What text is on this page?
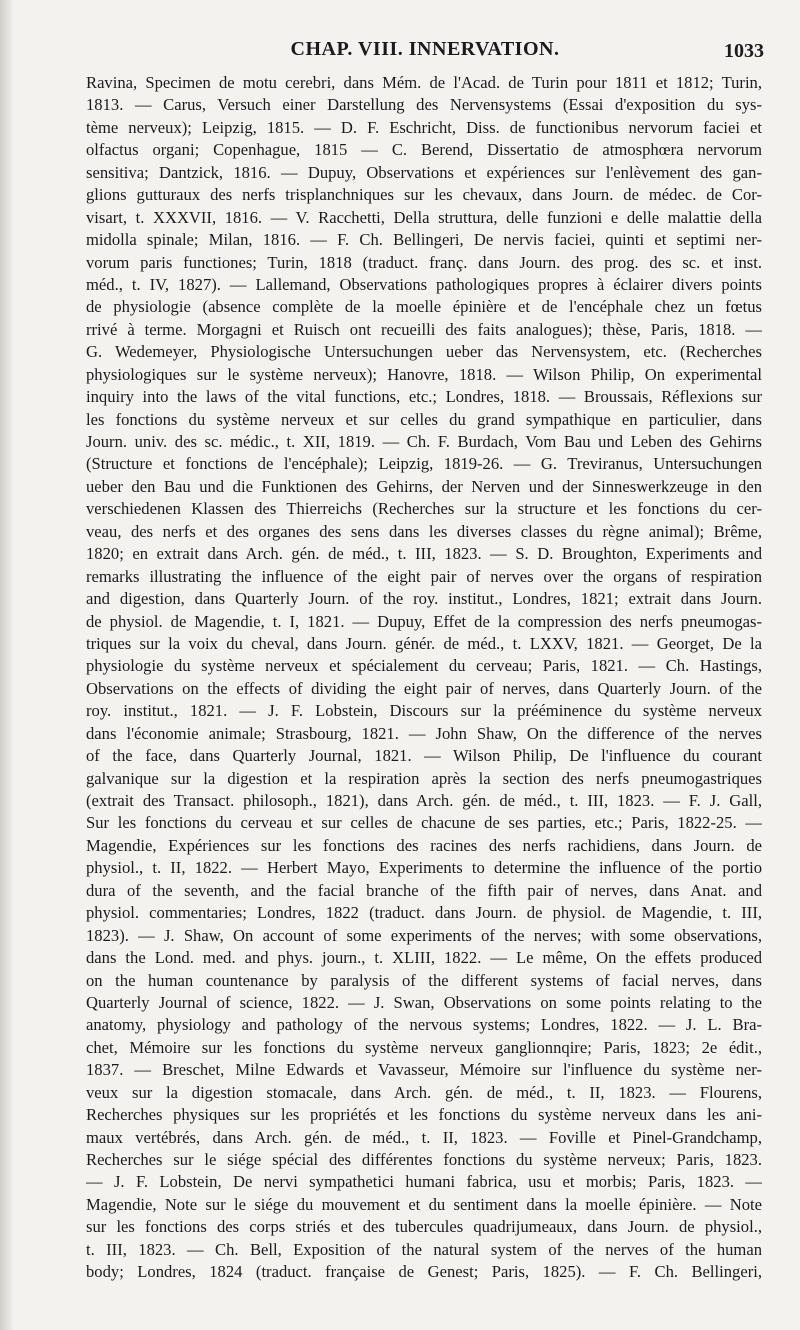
CHAP. VIII. INNERVATION.	1033
Ravina, Specimen de motu cerebri, dans Mém. de l'Acad. de Turin pour 1811 et 1812; Turin,
1813. — Carus, Versuch einer Darstellung des Nervensystems (Essai d'exposition du sys-
tème nerveux); Leipzig, 1815. — D. F. Eschricht, Diss. de functionibus nervorum faciei et
olfactus organi; Copenhague, 1815 — C. Berend, Dissertatio de atmosphœra nervorum
sensitiva; Dantzick, 1816. — Dupuy, Observations et expériences sur l'enlèvement des gan-
glions gutturaux des nerfs trisplanchniques sur les chevaux, dans Journ. de médec. de Cor-
visart, t. XXXVII, 1816. — V. Racchetti, Della struttura, delle funzioni e delle malattie della
midolla spinale; Milan, 1816. — F. Ch. Bellingeri, De nervis faciei, quinti et septimi ner-
vorum paris functiones; Turin, 1818 (traduct. franç. dans Journ. des prog. des sc. et inst.
méd., t. IV, 1827). — Lallemand, Observations pathologiques propres à éclairer divers points
de physiologie (absence complète de la moelle épinière et de l'encéphale chez un fœtus
rrivé à terme. Morgagni et Ruisch ont recueilli des faits analogues); thèse, Paris, 1818. —
G. Wedemeyer, Physiologische Untersuchungen ueber das Nervensystem, etc. (Recherches
physiologiques sur le système nerveux); Hanovre, 1818. — Wilson Philip, On experimental
inquiry into the laws of the vital functions, etc.; Londres, 1818. — Broussais, Réflexions sur
les fonctions du système nerveux et sur celles du grand sympathique en particulier, dans
Journ. univ. des sc. médic., t. XII, 1819. — Ch. F. Burdach, Vom Bau und Leben des Gehirns
(Structure et fonctions de l'encéphale); Leipzig, 1819-26. — G. Treviranus, Untersuchungen
ueber den Bau und die Funktionen des Gehirns, der Nerven und der Sinneswerkzeuge in den
verschiedenen Klassen des Thierreichs (Recherches sur la structure et les fonctions du cer-
veau, des nerfs et des organes des sens dans les diverses classes du règne animal); Brême,
1820; en extrait dans Arch. gén. de méd., t. III, 1823. — S. D. Broughton, Experiments and
remarks illustrating the influence of the eight pair of nerves over the organs of respiration
and digestion, dans Quarterly Journ. of the roy. institut., Londres, 1821; extrait dans Journ.
de physiol. de Magendie, t. I, 1821. — Dupuy, Effet de la compression des nerfs pneumogas-
triques sur la voix du cheval, dans Journ. génér. de méd., t. LXXV, 1821. — Georget, De la
physiologie du système nerveux et spécialement du cerveau; Paris, 1821. — Ch. Hastings,
Observations on the effects of dividing the eight pair of nerves, dans Quarterly Journ. of the
roy. institut., 1821. — J. F. Lobstein, Discours sur la prééminence du système nerveux
dans l'économie animale; Strasbourg, 1821. — John Shaw, On the difference of the nerves
of the face, dans Quarterly Journal, 1821. — Wilson Philip, De l'influence du courant
galvanique sur la digestion et la respiration après la section des nerfs pneumogastriques
(extrait des Transact. philosoph., 1821), dans Arch. gén. de méd., t. III, 1823. — F. J. Gall,
Sur les fonctions du cerveau et sur celles de chacune de ses parties, etc.; Paris, 1822-25. —
Magendie, Expériences sur les fonctions des racines des nerfs rachidiens, dans Journ. de
physiol., t. II, 1822. — Herbert Mayo, Experiments to determine the influence of the portio
dura of the seventh, and the facial branche of the fifth pair of nerves, dans Anat. and
physiol. commentaries; Londres, 1822 (traduct. dans Journ. de physiol. de Magendie, t. III,
1823). — J. Shaw, On account of some experiments of the nerves; with some observations,
dans the Lond. med. and phys. journ., t. XLIII, 1822. — Le même, On the effets produced
on the human countenance by paralysis of the different systems of facial nerves, dans
Quarterly Journal of science, 1822. — J. Swan, Observations on some points relating to the
anatomy, physiology and pathology of the nervous systems; Londres, 1822. — J. L. Bra-
chet, Mémoire sur les fonctions du système nerveux ganglionnqire; Paris, 1823; 2e édit.,
1837. — Breschet, Milne Edwards et Vavasseur, Mémoire sur l'influence du système ner-
veux sur la digestion stomacale, dans Arch. gén. de méd., t. II, 1823. — Flourens,
Recherches physiques sur les propriétés et les fonctions du système nerveux dans les ani-
maux vertébrés, dans Arch. gén. de méd., t. II, 1823. — Foville et Pinel-Grandchamp,
Recherches sur le siége spécial des différentes fonctions du système nerveux; Paris, 1823.
— J. F. Lobstein, De nervi sympathetici humani fabrica, usu et morbis; Paris, 1823. —
Magendie, Note sur le siége du mouvement et du sentiment dans la moelle épinière. — Note
sur les fonctions des corps striés et des tubercules quadrijumeaux, dans Journ. de physiol.,
t. III, 1823. — Ch. Bell, Exposition of the natural system of the nerves of the human
body; Londres, 1824 (traduct. française de Genest; Paris, 1825). — F. Ch. Bellingeri,
